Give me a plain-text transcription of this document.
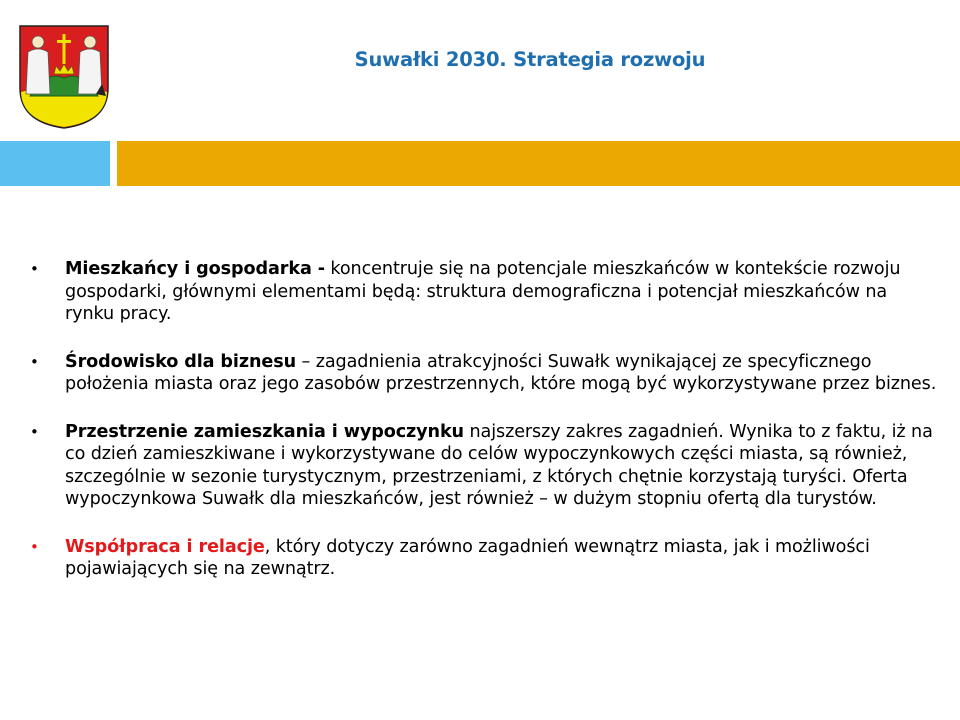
Suwałki 2030. Strategia rozwoju
•	Mieszkańcy i gospodarka - koncentruje się na potencjale mieszkańców w kontekście rozwoju gospodarki, głównymi elementami będą: struktura demograficzna i potencjał mieszkańców na rynku pracy.
•	Środowisko dla biznesu – zagadnienia atrakcyjności Suwałk wynikającej ze specyficznego położenia miasta oraz jego zasobów przestrzennych, które mogą być wykorzystywane przez biznes.
•	Przestrzenie zamieszkania i wypoczynku najszerszy zakres zagadnień. Wynika to z faktu, iż na co dzień zamieszkiwane i wykorzystywane do celów wypoczynkowych części miasta, są również, szczególnie w sezonie turystycznym, przestrzeniami, z których chętnie korzystają turyści. Oferta wypoczynkowa Suwałk dla mieszkańców, jest również – w dużym stopniu ofertą dla turystów.
•	Współpraca i relacje, który dotyczy zarówno zagadnień wewnątrz miasta, jak i możliwości pojawiających się na zewnątrz.
